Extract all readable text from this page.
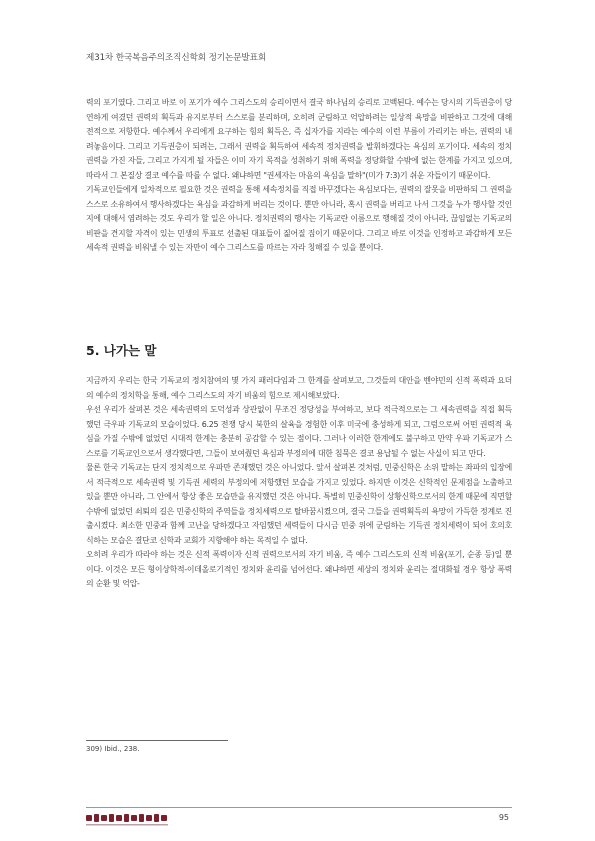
제31차 한국복음주의조직신학회 정기논문발표회

력의 포기였다. 그리고 바로 이 포기가 예수 그리스도의 승리이면서 결국 하나님의 승리로 고백된다. 예수는 당시의 기득권층이 당연하게 여겼던 권력의 획득과 유지로부터 스스로를 분리하며, 오히려 군림하고 억압하려는 일상적 욕망을 비판하고 그것에 대해 전적으로 저항한다. 예수께서 우리에게 요구하는 힘의 획득은, 즉 십자가를 지라는 예수의 이런 부름이 가리키는 바는, 권력의 내려놓음이다. 그리고 기득권층이 되려는, 그래서 권력을 획득하여 세속적 정치권력을 발휘하겠다는 욕심의 포기이다. 세속의 정치권력을 가진 자들, 그리고 가지게 될 자들은 이미 자기 목적을 성취하기 위해 폭력을 정당화할 수밖에 없는 한계를 가지고 있으며, 따라서 그 본질상 결코 예수를 따를 수 없다. 왜냐하면 "권세자는 마음의 욕심을 말하"(미가 7:3)기 쉬운 자들이기 때문이다.

기독교인들에게 일차적으로 필요한 것은 권력을 통해 세속정치를 직접 바꾸겠다는 욕심보다는, 권력의 잘못을 비판하되 그 권력을 스스로 소유하여서 행사하겠다는 욕심을 과감하게 버리는 것이다. 뿐만 아니라, 혹시 권력을 버리고 나서 그것을 누가 행사할 것인지에 대해서 염려하는 것도 우리가 할 일은 아니다. 정치권력의 행사는 기독교란 이름으로 행해질 것이 아니라, 끊임없는 기독교의 비판을 견지할 자격이 있는 민생의 투표로 선출된 대표들이 짊어질 짐이기 때문이다. 그리고 바로 이것을 인정하고 과감하게 모든 세속적 권력을 비워낼 수 있는 자만이 예수 그리스도를 따르는 자라 칭해질 수 있을 뿐이다.

5. 나가는 말

지금까지 우리는 한국 기독교의 정치참여의 몇 가지 패러다임과 그 한계를 살펴보고, 그것들의 대안을 벤야민의 신적 폭력과 요더의 예수의 정치학을 통해, 예수 그리스도의 자기 비움의 힘으로 제시해보았다.

우선 우리가 살펴본 것은 세속권력의 도덕성과 상관없이 무조건 정당성을 부여하고, 보다 적극적으로는 그 세속권력을 직접 획득했던 극우파 기독교의 모습이었다. 6.25 전쟁 당시 북한의 살육을 경험한 이후 미국에 충성하게 되고, 그럼으로써 어떤 권력적 욕심을 가질 수밖에 없었던 시대적 한계는 충분히 공감할 수 있는 점이다. 그러나 이러한 한계에도 불구하고 만약 우파 기독교가 스스로를 기독교인으로서 생각했다면, 그들이 보여줬던 욕심과 부정의에 대한 침묵은 결코 용납될 수 없는 사실이 되고 만다.

물론 한국 기독교는 단지 정치적으로 우파만 존재했던 것은 아니었다. 앞서 살펴본 것처럼, 민중신학은 소위 말하는 좌파의 입장에서 적극적으로 세속권력 및 기득권 세력의 부정의에 저항했던 모습을 가지고 있었다. 하지만 이것은 신학적인 문제점을 노출하고 있을 뿐만 아니라, 그 안에서 항상 좋은 모습만을 유지했던 것은 아니다. 특별히 민중신학이 상황신학으로서의 한계 때문에 직면할 수밖에 없었던 쇠퇴의 길은 민중신학의 주역들을 정치세력으로 탈바꿈시켰으며, 결국 그들을 권력획득의 욕망이 가득한 정계로 진출시켰다. 최소한 민중과 함께 고난을 당하겠다고 자임했던 세력들이 다시금 민중 위에 군림하는 기득권 정치세력이 되어 호의호식하는 모습은 결단코 신학과 교회가 지향해야 하는 목적일 수 없다.

오히려 우리가 따라야 하는 것은 신적 폭력이자 신적 권력으로서의 자기 비움, 즉 예수 그리스도의 신적 비움(포기, 순종 등)일 뿐이다. 이것은 모든 형이상학적-이데올로기적인 정치와 윤리를 넘어선다. 왜냐하면 세상의 정치와 윤리는 절대화될 경우 항상 폭력의 순환 및 억압-

309) Ibid., 238.
95
